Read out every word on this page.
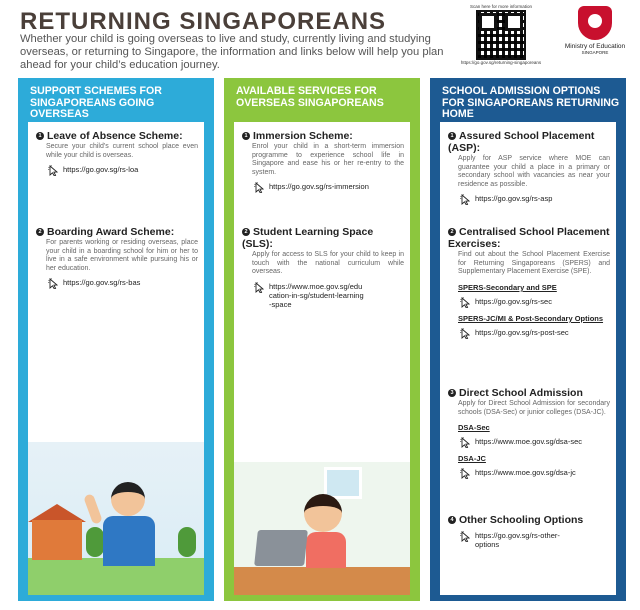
RETURNING SINGAPOREANS
Whether your child is going overseas to live and study, currently living and studying overseas, or returning to Singapore, the information and links below will help you plan ahead for your child’s education journey.
Scan here for more information
https://go.gov.sg/returning-singaporeans
Ministry of Education
SINGAPORE
SUPPORT SCHEMES FOR SINGAPOREANS GOING OVERSEAS
1 Leave of Absence Scheme:

Secure your child’s current school place even while your child is overseas.

https://go.gov.sg/rs-loa
2 Boarding Award Scheme:

For parents working or residing overseas, place your child in a boarding school for him or her to live in a safe environment while pursuing his or her education.

https://go.gov.sg/rs-bas
AVAILABLE SERVICES FOR OVERSEAS SINGAPOREANS
1 Immersion Scheme:

Enrol your child in a short-term immersion programme to experience school life in Singapore and ease his or her re-entry to the system.

https://go.gov.sg/rs-immersion
2 Student Learning Space (SLS):

Apply for access to SLS for your child to keep in touch with the national curriculum while overseas.

https://www.moe.gov.sg/education-in-sg/student-learning-space
SCHOOL ADMISSION OPTIONS FOR SINGAPOREANS RETURNING HOME
1 Assured School Placement (ASP):

Apply for ASP service where MOE can guarantee your child a place in a primary or secondary school with vacancies as near your residence as possible.

https://go.gov.sg/rs-asp
2 Centralised School Placement Exercises:

Find out about the School Placement Exercise for Returning Singaporeans (SPERS) and Supplementary Placement Exercise (SPE).

SPERS-Secondary and SPE
https://go.gov.sg/rs-sec
SPERS-JC/MI & Post-Secondary Options
https://go.gov.sg/rs-post-sec
3 Direct School Admission

Apply for Direct School Admission for secondary schools (DSA-Sec) or junior colleges (DSA-JC).

DSA-Sec
https://www.moe.gov.sg/dsa-sec
DSA-JC
https://www.moe.gov.sg/dsa-jc
4 Other Schooling Options
https://go.gov.sg/rs-other-options
